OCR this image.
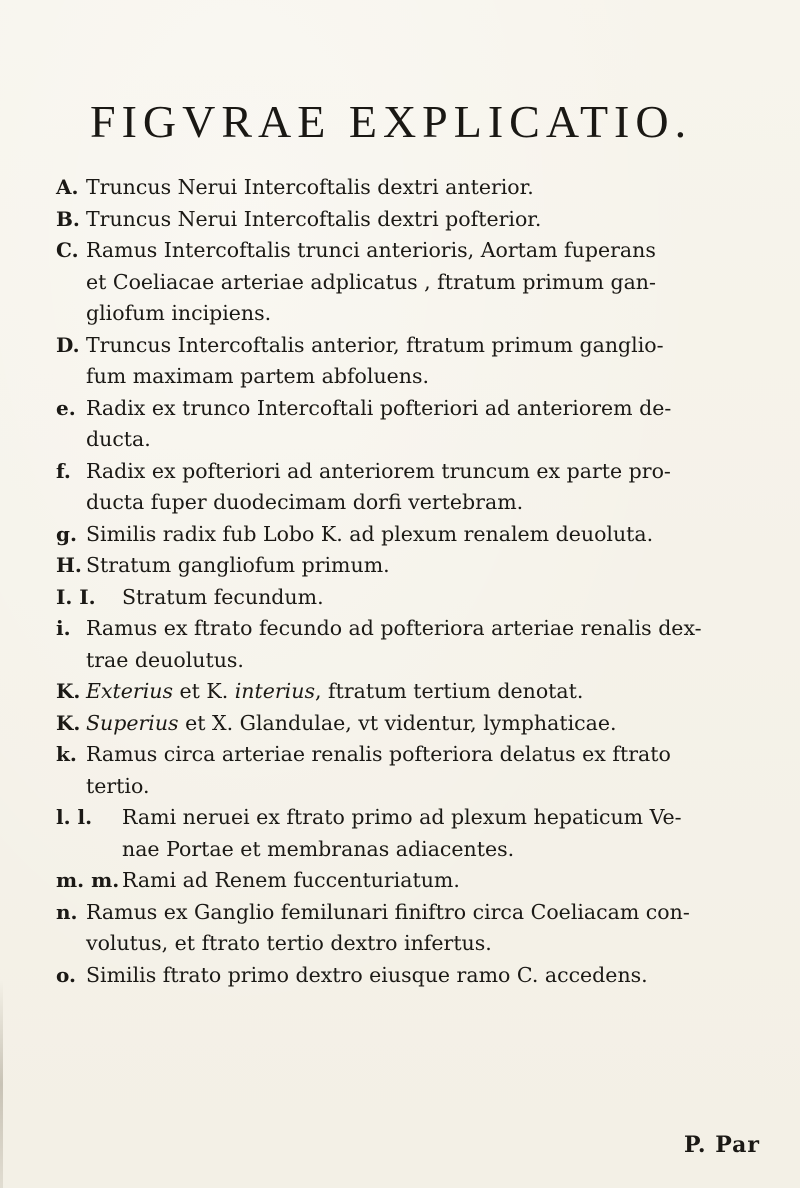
FIGVRAE EXPLICATIO.
A. Truncus Nerui Intercoftalis dextri anterior.
B. Truncus Nerui Intercoftalis dextri pofterior.
C. Ramus Intercoftalis trunci anterioris, Aortam fuperans
et Coeliacae arteriae adplicatus , ftratum primum gan-
gliofum incipiens.
D. Truncus Intercoftalis anterior, ftratum primum ganglio-
fum maximam partem abfoluens.
e. Radix ex trunco Intercoftali pofteriori ad anteriorem de-
ducta.
f. Radix ex pofteriori ad anteriorem truncum ex parte pro-
ducta fuper duodecimam dorfi vertebram.
g. Similis radix fub Lobo K. ad plexum renalem deuoluta.
H. Stratum gangliofum primum.
I. I. Stratum fecundum.
i. Ramus ex ftrato fecundo ad pofteriora arteriae renalis dex-
trae deuolutus.
K. Exterius et K. interius, ftratum tertium denotat.
K. Superius et X. Glandulae, vt videntur, lymphaticae.
k. Ramus circa arteriae renalis pofteriora delatus ex ftrato
tertio.
l. l. Rami neruei ex ftrato primo ad plexum hepaticum Ve-
nae Portae et membranas adiacentes.
m. m. Rami ad Renem fuccenturiatum.
n. Ramus ex Ganglio femilunari finiftro circa Coeliacam con-
volutus, et ftrato tertio dextro infertus.
o. Similis ftrato primo dextro eiusque ramo C. accedens.
P. Par
